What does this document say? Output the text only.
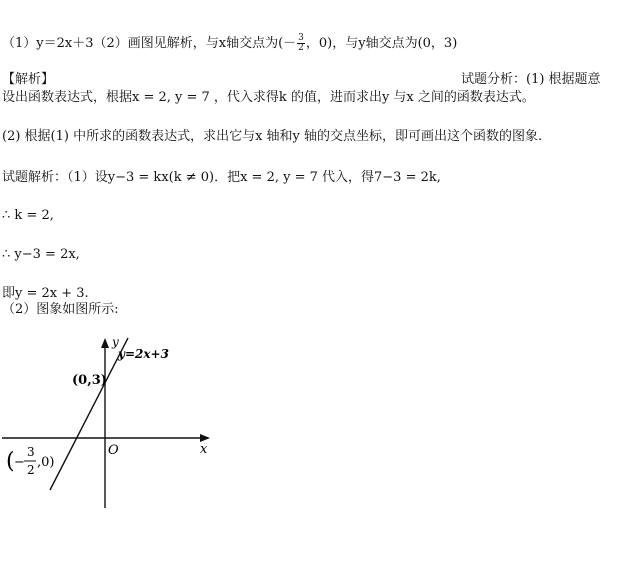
（1）y＝2x＋3（2）画图见解析，与x轴交点为(－ $\frac{3}{2}$ ，0)，与y轴交点为(0，3)
【解析】	试题分析：(1) 根据题意
设出函数表达式，根据x = 2, y = 7 ，代入求得k 的值，进而求出y 与x 之间的函数表达式。
(2) 根据(1) 中所求的函数表达式，求出它与x 轴和y 轴的交点坐标，即可画出这个函数的图象.
试题解析：（1）设y−3 = kx(k ≠ 0)．把x = 2, y = 7 代入，得7−3 = 2k,
∴ k = 2,
∴ y−3 = 2x,
即y = 2x + 3.
（2）图象如图所示:
y
x
O
y=2x+3
(0,3)
( −
3
2 ,0)
